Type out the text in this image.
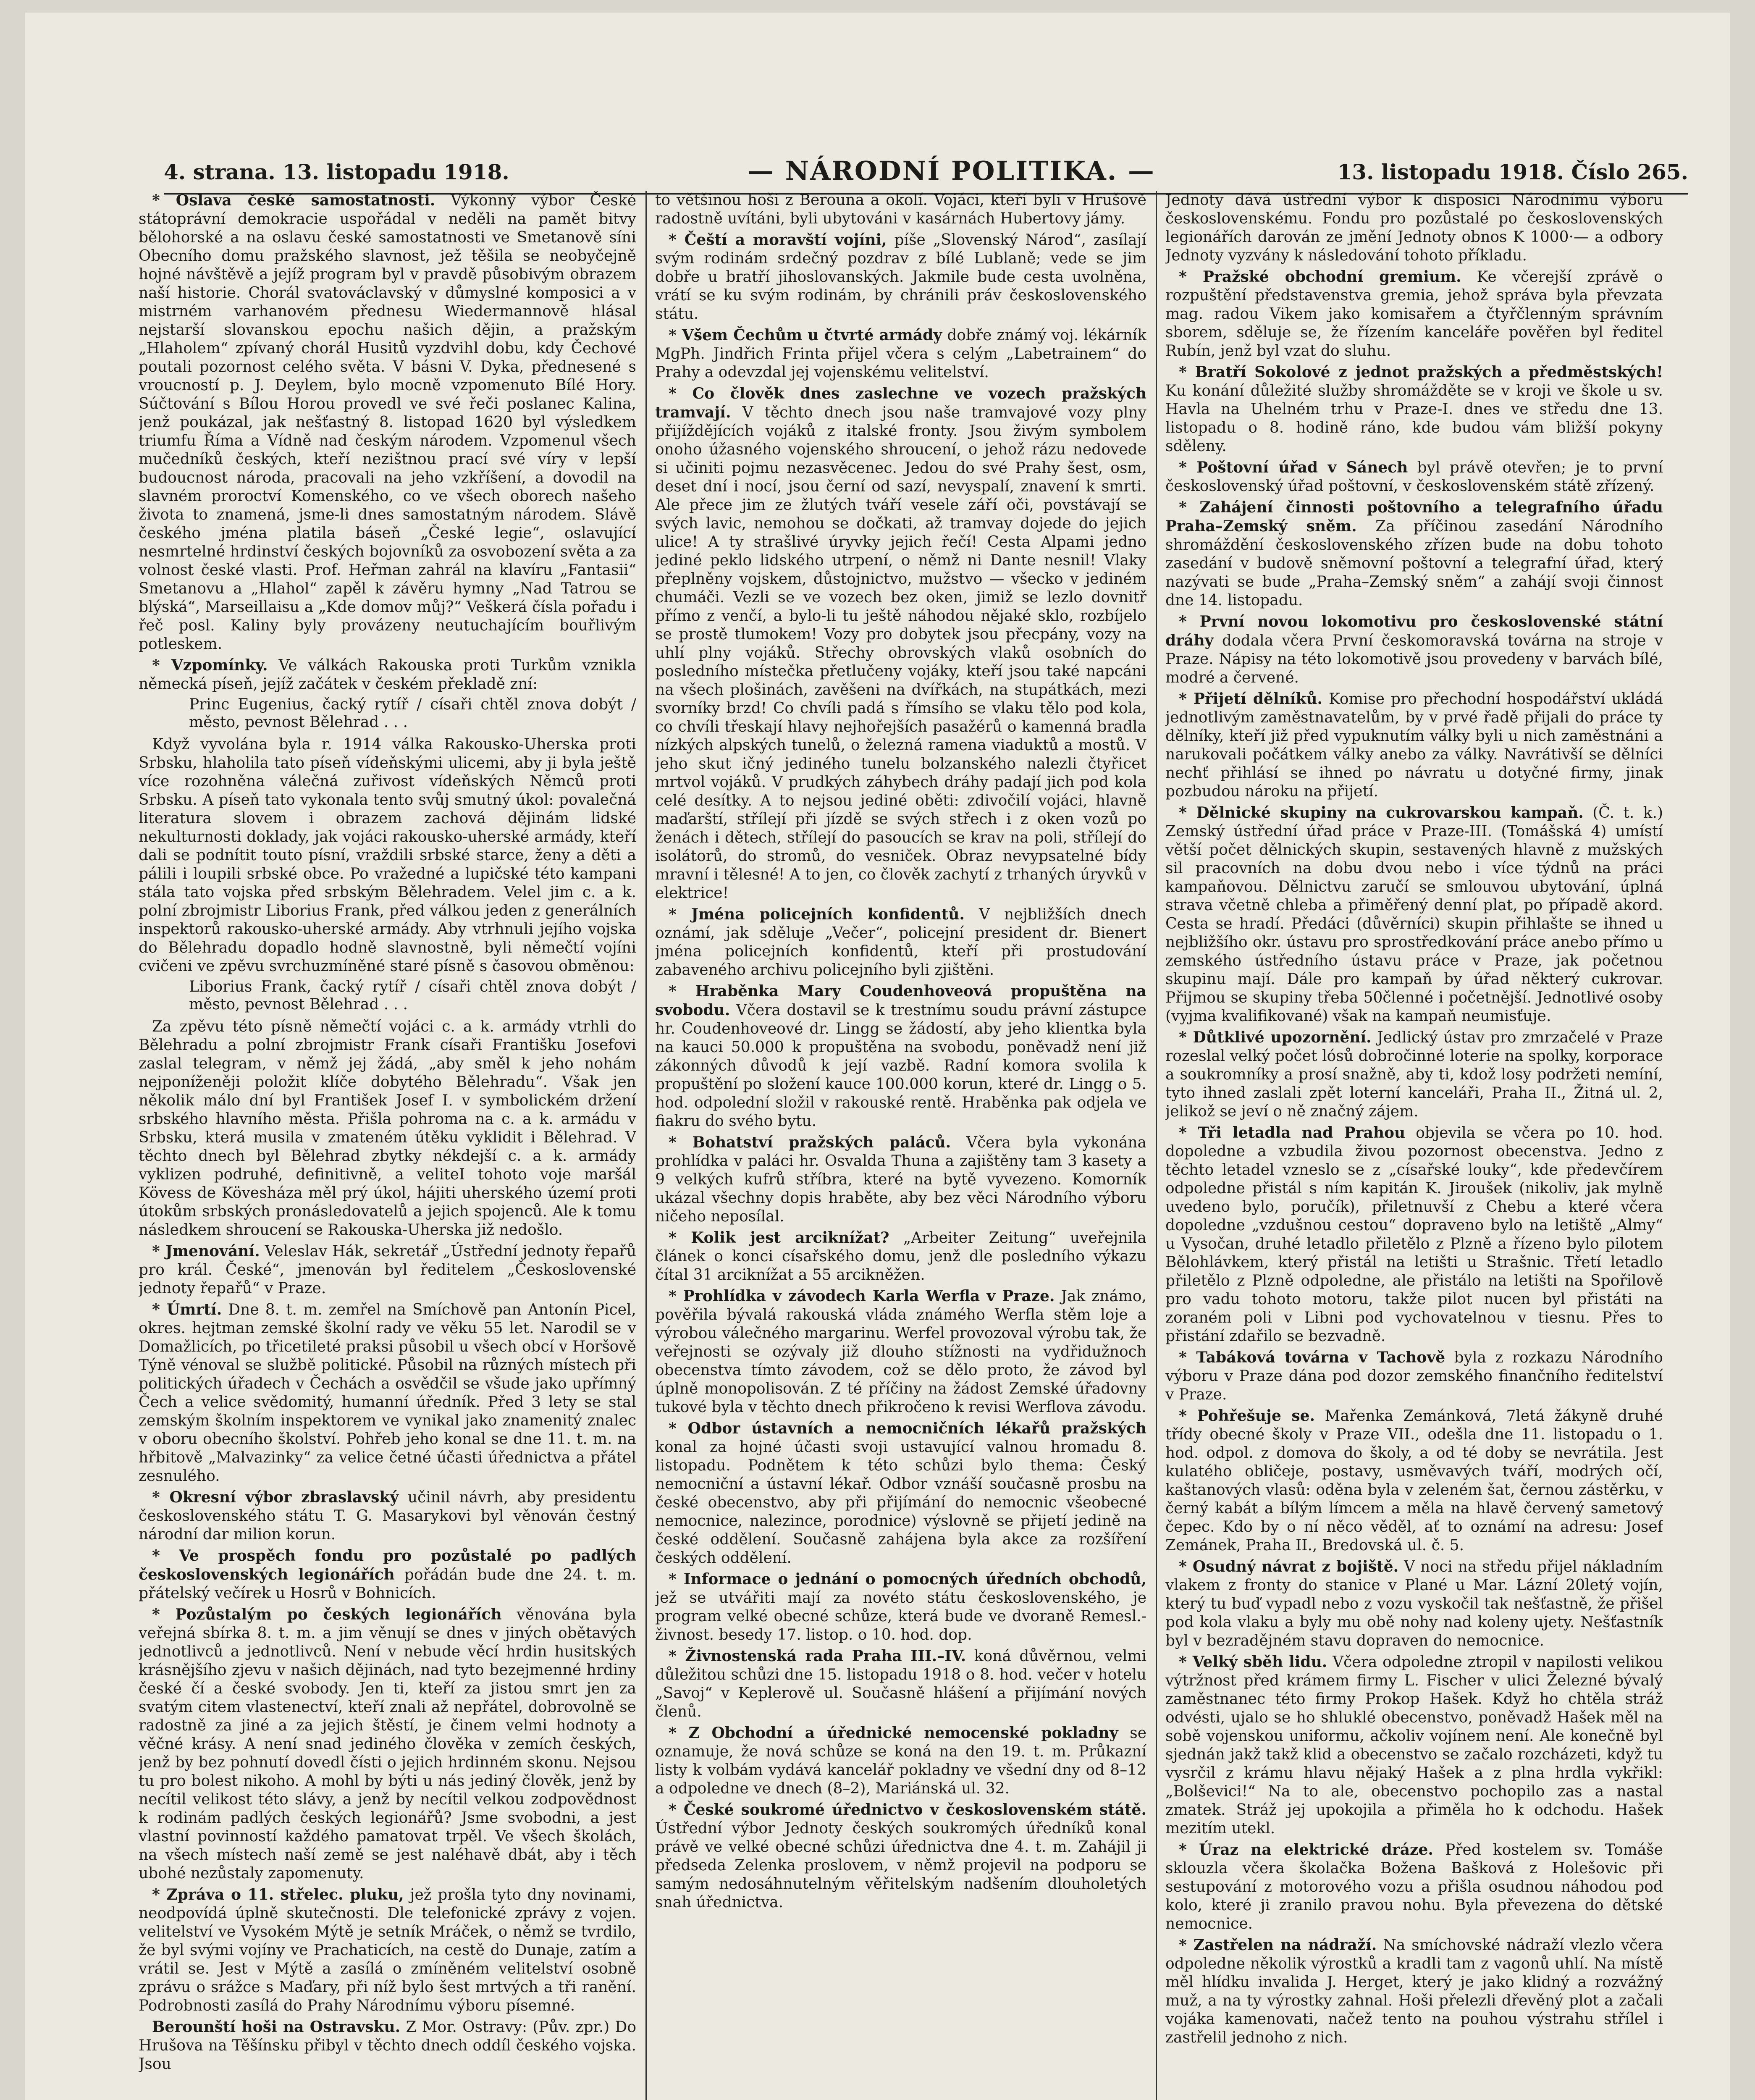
4. strana. 13. listopadu 1918.	— NÁRODNÍ POLITIKA. —	13. listopadu 1918. Číslo 265.

* Oslava české samostatnosti. Výkonný výbor České státoprávní demokracie uspořádal v neděli na pamět bitvy bělohorské a na oslavu české samostatnosti ve Smetanově síni Obecního domu pražského slavnost, jež těšila se neobyčejně hojné návštěvě a jejíž program byl v pravdě působivým obrazem naší historie. Chorál svatováclavský v důmyslné komposici a v mistrném varhanovém přednesu Wiedermannově hlásal nejstarší slovanskou epochu našich dějin, a pražským „Hlaholem“ zpívaný chorál Husitů vyzdvihl dobu, kdy Čechové poutali pozornost celého světa. V básni V. Dyka, přednesené s vroucností p. J. Deylem, bylo mocně vzpomenuto Bílé Hory. Súčtování s Bílou Horou provedl ve své řeči poslanec Kalina, jenž poukázal, jak nešťastný 8. listopad 1620 byl výsledkem triumfu Říma a Vídně nad českým národem. Vzpomenul všech mučedníků českých, kteří nezištnou prací své víry v lepší budoucnost národa, pracovali na jeho vzkříšení, a dovodil na slavném proroctví Komenského, co ve všech oborech našeho života to znamená, jsme-li dnes samostatným národem. Slávě českého jména platila báseň „České legie“, oslavující nesmrtelné hrdinství českých bojovníků za osvobození světa a za volnost české vlasti. Prof. Heřman zahrál na klavíru „Fantasii“ Smetanovu a „Hlahol“ zapěl k závěru hymny „Nad Tatrou se blýská“, Marseillaisu a „Kde domov můj?“ Veškerá čísla pořadu i řeč posl. Kaliny byly provázeny neutuchajícím bouřlivým potleskem.

* Vzpomínky. Ve válkách Rakouska proti Turkům vznikla německá píseň, jejíž začátek v českém překladě zní:

Princ Eugenius, čacký rytíř / císaři chtěl znova dobýt / město, pevnost Bělehrad . . .

Když vyvolána byla r. 1914 válka Rakousko-Uherska proti Srbsku, hlaholila tato píseň vídeňskými ulicemi, aby ji byla ještě více rozohněna válečná zuřivost vídeňských Němců proti Srbsku. A píseň tato vykonala tento svůj smutný úkol: povalečná literatura slovem i obrazem zachová dějinám lidské nekulturnosti doklady, jak vojáci rakousko-uherské armády, kteří dali se podnítit touto písní, vraždili srbské starce, ženy a děti a pálili i loupili srbské obce. Po vražedné a lupičské této kampani stála tato vojska před srbským Bělehradem. Velel jim c. a k. polní zbrojmistr Liborius Frank, před válkou jeden z generálních inspektorů rakousko-uherské armády. Aby vtrhnuli jejího vojska do Bělehradu dopadlo hodně slavnostně, byli němečtí vojíni cvičeni ve zpěvu svrchuzmíněné staré písně s časovou obměnou:

Liborius Frank, čacký rytíř / císaři chtěl znova dobýt / město, pevnost Bělehrad . . .

Za zpěvu této písně němečtí vojáci c. a k. armády vtrhli do Bělehradu a polní zbrojmistr Frank císaři Františku Josefovi zaslal telegram, v němž jej žádá, „aby směl k jeho nohám nejponíženěji položit klíče dobytého Bělehradu“. Však jen několik málo dní byl František Josef I. v symbolickém držení srbského hlavního města. Přišla pohroma na c. a k. armádu v Srbsku, která musila v zmateném útěku vyklidit i Bělehrad. V těchto dnech byl Bělehrad zbytky nékdejší c. a k. armády vyklizen podruhé, definitivně, a veliteI tohoto voje maršál Kövess de Kövesháza měl prý úkol, hájiti uherského území proti útokům srbských pronásledovatelů a jejich spojenců. Ale k tomu následkem shroucení se Rakouska-Uherska již nedošlo.

* Jmenování. Veleslav Hák, sekretář „Ústřední jednoty řepařů pro král. České“, jmenován byl ředitelem „Československé jednoty řepařů“ v Praze.

* Úmrtí. Dne 8. t. m. zemřel na Smíchově pan Antonín Picel, okres. hejtman zemské školní rady ve věku 55 let. Narodil se v Domažlicích, po třicetileté praksi působil u všech obcí v Horšově Týně vénoval se službě politické. Působil na různých místech při politických úřadech v Čechách a osvědčil se všude jako upřímný Čech a velice svědomitý, humanní úředník. Před 3 lety se stal zemským školním inspektorem ve vynikal jako znamenitý znalec v oboru obecního školství. Pohřeb jeho konal se dne 11. t. m. na hřbitově „Malvazinky“ za velice četné účasti úřednictva a přátel zesnulého.

* Okresní výbor zbraslavský učinil návrh, aby presidentu československého státu T. G. Masarykovi byl věnován čestný národní dar milion korun.

* Ve prospěch fondu pro pozůstalé po padlých československých legionářích pořádán bude dne 24. t. m. přátelský večírek u Hosrů v Bohnicích.

* Pozůstalým po českých legionářích věnována byla veřejná sbírka 8. t. m. a jim věnují se dnes v jiných obětavých jednotlivců a jednotlivců. Není v nebude věcí hrdin husitských krásnějšího zjevu v našich dějinách, nad tyto bezejmenné hrdiny české čí a české svobody. Jen ti, kteří za jistou smrt jen za svatým citem vlastenectví, kteří znali až nepřátel, dobrovolně se radostně za jiné a za jejich štěstí, je činem velmi hodnoty a věčné krásy. A není snad jediného člověka v zemích českých, jenž by bez pohnutí dovedl čísti o jejich hrdinném skonu. Nejsou tu pro bolest nikoho. A mohl by býti u nás jediný člověk, jenž by necítil velikost této slávy, a jenž by necítil velkou zodpovědnost k rodinám padlých českých legionářů? Jsme svobodni, a jest vlastní povinností každého pamatovat trpěl. Ve všech školách, na všech místech naší země se jest naléhavě dbát, aby i těch ubohé nezůstaly zapomenuty.

* Zpráva o 11. střelec. pluku, jež prošla tyto dny novinami, neodpovídá úplně skutečnosti. Dle telefonické zprávy z vojen. velitelství ve Vysokém Mýtě je setník Mráček, o němž se tvrdilo, že byl svými vojíny ve Prachaticích, na cestě do Dunaje, zatím a vrátil se. Jest v Mýtě a zasílá o zmíněném velitelství osobně zprávu o srážce s Maďary, při níž bylo šest mrtvých a tři ranění. Podrobnosti zasílá do Prahy Národnímu výboru písemné.

Berounští hoši na Ostravsku. Z Mor. Ostravy: (Pův. zpr.) Do Hrušova na Těšínsku přibyl v těchto dnech oddíl českého vojska. Jsou

to většinou hoši z Berouna a okolí. Vojáci, kteří byli v Hrušově radostně uvítáni, byli ubytováni v kasárnách Hubertovy jámy.

* Čeští a moravští vojíni, píše „Slovenský Národ“, zasílají svým rodinám srdečný pozdrav z bílé Lublaně; vede se jim dobře u bratří jihoslovanských. Jakmile bude cesta uvolněna, vrátí se ku svým rodinám, by chránili práv československého státu.

* Všem Čechům u čtvrté armády dobře známý voj. lékárník MgPh. Jindřich Frinta přijel včera s celým „Labetrainem“ do Prahy a odevzdal jej vojenskému velitelství.

* Co člověk dnes zaslechne ve vozech pražských tramvají. V těchto dnech jsou naše tramvajové vozy plny přijíždějících vojáků z italské fronty. Jsou živým symbolem onoho úžasného vojenského shroucení, o jehož rázu nedovede si učiniti pojmu nezasvěcenec. Jedou do své Prahy šest, osm, deset dní i nocí, jsou černí od sazí, nevyspalí, znavení k smrti. Ale přece jim ze žlutých tváří vesele září oči, povstávají se svých lavic, nemohou se dočkati, až tramvay dojede do jejich ulice! A ty strašlivé úryvky jejich řečí! Cesta Alpami jedno jediné peklo lidského utrpení, o němž ni Dante nesnil! Vlaky přeplněny vojskem, důstojnictvo, mužstvo — všecko v jediném chumáči. Vezli se ve vozech bez oken, jimiž se lezlo dovnitř přímo z venčí, a bylo-li tu ještě náhodou nějaké sklo, rozbíjelo se prostě tlumokem! Vozy pro dobytek jsou přecpány, vozy na uhlí plny vojáků. Střechy obrovských vlaků osobních do posledního místečka přetlučeny vojáky, kteří jsou také napcáni na všech plošinách, zavěšeni na dvířkách, na stupátkách, mezi svorníky brzd! Co chvíli padá s římsího se vlaku tělo pod kola, co chvíli třeskají hlavy nejhořejších pasažérů o kamenná bradla nízkých alpských tunelů, o železná ramena viaduktů a mostů. V jeho skut ičný jediného tunelu bolzanského nalezli čtyřicet mrtvol vojáků. V prudkých záhybech dráhy padají jich pod kola celé desítky. A to nejsou jediné oběti: zdivočilí vojáci, hlavně maďarští, střílejí při jízdě se svých střech i z oken vozů po ženách i dětech, střílejí do pasoucích se krav na poli, střílejí do isolátorů, do stromů, do vesniček. Obraz nevypsatelné bídy mravní i tělesné! A to jen, co člověk zachytí z trhaných úryvků v elektrice!

* Jména policejních konfidentů. V nejbližších dnech oznámí, jak sděluje „Večer“, policejní president dr. Bienert jména policejních konfidentů, kteří při prostudování zabaveného archivu policejního byli zjištěni.

* Hraběnka Mary Coudenhoveová propuštěna na svobodu. Včera dostavil se k trestnímu soudu právní zástupce hr. Coudenhoveové dr. Lingg se žádostí, aby jeho klientka byla na kauci 50.000 k propuštěna na svobodu, poněvadž není již zákonných důvodů k její vazbě. Radní komora svolila k propuštění po složení kauce 100.000 korun, které dr. Lingg o 5. hod. odpolední složil v rakouské rentě. Hraběnka pak odjela ve fiakru do svého bytu.

* Bohatství pražských paláců. Včera byla vykonána prohlídka v paláci hr. Osvalda Thuna a zajištěny tam 3 kasety a 9 velkých kufrů stříbra, které na bytě vyvezeno. Komorník ukázal všechny dopis hraběte, aby bez věci Národního výboru ničeho neposílal.

* Kolik jest arciknížat? „Arbeiter Zeitung“ uveřejnila článek o konci císařského domu, jenž dle posledního výkazu čítal 31 arciknížat a 55 arcikněžen.

* Prohlídka v závodech Karla Werfla v Praze. Jak známo, pověřila bývalá rakouská vláda známého Werfla stěm loje a výrobou válečného margarinu. Werfel provozoval výrobu tak, že veřejnosti se ozývaly již dlouho stížnosti na vydřidužnoch obecenstva tímto závodem, což se dělo proto, že závod byl úplně monopolisován. Z té příčiny na žádost Zemské úřadovny tukové byla v těchto dnech přikročeno k revisi Werflova závodu.

* Odbor ústavních a nemocničních lékařů pražských konal za hojné účasti svoji ustavující valnou hromadu 8. listopadu. Podnětem k této schůzi bylo thema: Český nemocniční a ústavní lékař. Odbor vznáší současně prosbu na české obecenstvo, aby při přijímání do nemocnic všeobecné nemocnice, nalezince, porodnice) výslovně se přijetí jedině na české oddělení. Současně zahájena byla akce za rozšíření českých oddělení.

* Informace o jednání o pomocných úředních obchodů, jež se utvářiti mají za novéto státu československého, je program velké obecné schůze, která bude ve dvoraně Remesl.-živnost. besedy 17. listop. o 10. hod. dop.

* Živnostenská rada Praha III.–IV. koná důvěrnou, velmi důležitou schůzi dne 15. listopadu 1918 o 8. hod. večer v hotelu „Savoj“ v Keplerově ul. Současně hlášení a přijímání nových členů.

* Z Obchodní a úřednické nemocenské pokladny se oznamuje, že nová schůze se koná na den 19. t. m. Průkazní listy k volbám vydává kancelář pokladny ve všední dny od 8–12 a odpoledne ve dnech (8–2), Mariánská ul. 32.

* České soukromé úřednictvo v československém státě. Ústřední výbor Jednoty českých soukromých úředníků konal právě ve velké obecné schůzi úřednictva dne 4. t. m. Zahájil ji předseda Zelenka proslovem, v němž projevil na podporu se samým nedosáhnutelným věřitelským nadšením dlouholetých snah úřednictva.

Jednoty dává ústřední výbor k disposici Národnímu výboru československému. Fondu pro pozůstalé po československých legionářích darován ze jmění Jednoty obnos K 1000·— a odbory Jednoty vyzvány k následování tohoto příkladu.

* Pražské obchodní gremium. Ke včerejší zprávě o rozpuštění představenstva gremia, jehož správa byla převzata mag. radou Vikem jako komisařem a čtyřčlenným správním sborem, sděluje se, že řízením kanceláře pověřen byl ředitel Rubín, jenž byl vzat do sluhu.

* Bratří Sokolové z jednot pražských a předměstských! Ku konání důležité služby shromážděte se v kroji ve škole u sv. Havla na Uhelném trhu v Praze-I. dnes ve středu dne 13. listopadu o 8. hodině ráno, kde budou vám bližší pokyny sděleny.

* Poštovní úřad v Sánech byl právě otevřen; je to první československý úřad poštovní, v československém státě zřízený.

* Zahájení činnosti poštovního a telegrafního úřadu Praha–Zemský sněm. Za příčinou zasedání Národního shromáždění československého zřízen bude na dobu tohoto zasedání v budově sněmovní poštovní a telegrafní úřad, který nazývati se bude „Praha–Zemský sněm“ a zahájí svoji činnost dne 14. listopadu.

* První novou lokomotivu pro československé státní dráhy dodala včera První českomoravská továrna na stroje v Praze. Nápisy na této lokomotivě jsou provedeny v barvách bílé, modré a červené.

* Přijetí dělníků. Komise pro přechodní hospodářství ukládá jednotlivým zaměstnavatelům, by v prvé řadě přijali do práce ty dělníky, kteří již před vypuknutím války byli u nich zaměstnáni a narukovali počátkem války anebo za války. Navrátivší se dělníci nechť přihlásí se ihned po návratu u dotyčné firmy, jinak pozbudou nároku na přijetí.

* Dělnické skupiny na cukrovarskou kampaň. (Č. t. k.) Zemský ústřední úřad práce v Praze-III. (Tomášská 4) umístí větší počet dělnických skupin, sestavených hlavně z mužských sil pracovních na dobu dvou nebo i více týdnů na práci kampaňovou. Dělnictvu zaručí se smlouvou ubytování, úplná strava včetně chleba a přiměřený denní plat, po případě akord. Cesta se hradí. Předáci (důvěrníci) skupin přihlašte se ihned u nejbližšího okr. ústavu pro sprostředkování práce anebo přímo u zemského ústředního ústavu práce v Praze, jak početnou skupinu mají. Dále pro kampaň by úřad některý cukrovar. Přijmou se skupiny třeba 50členné i početnější. Jednotlivé osoby (vyjma kvalifikované) však na kampaň neumisťuje.

* Důtklivé upozornění. Jedlický ústav pro zmrzačelé v Praze rozeslal velký počet lósů dobročinné loterie na spolky, korporace a soukromníky a prosí snažně, aby ti, kdož losy podržeti nemíní, tyto ihned zaslali zpět loterní kanceláři, Praha II., Žitná ul. 2, jelikož se jeví o ně značný zájem.

* Tři letadla nad Prahou objevila se včera po 10. hod. dopoledne a vzbudila živou pozornost obecenstva. Jedno z těchto letadel vzneslo se z „císařské louky“, kde předevčírem odpoledne přistál s ním kapitán K. Jiroušek (nikoliv, jak mylně uvedeno bylo, poručík), přiletnuvší z Chebu a které včera dopoledne „vzdušnou cestou“ dopraveno bylo na letiště „Almy“ u Vysočan, druhé letadlo přiletělo z Plzně a řízeno bylo pilotem Bělohlávkem, který přistál na letišti u Strašnic. Třetí letadlo přiletělo z Plzně odpoledne, ale přistálo na letišti na Spořilově pro vadu tohoto motoru, takže pilot nucen byl přistáti na zoraném poli v Libni pod vychovatelnou v tiesnu. Přes to přistání zdařilo se bezvadně.

* Tabáková továrna v Tachově byla z rozkazu Národního výboru v Praze dána pod dozor zemského finančního ředitelství v Praze.

* Pohřešuje se. Mařenka Zemánková, 7letá žákyně druhé třídy obecné školy v Praze VII., odešla dne 11. listopadu o 1. hod. odpol. z domova do školy, a od té doby se nevrátila. Jest kulatého obličeje, postavy, usměvavých tváří, modrých očí, kaštanových vlasů: oděna byla v zeleném šat, černou zástěrku, v černý kabát a bílým límcem a měla na hlavě červený sametový čepec. Kdo by o ní něco věděl, ať to oznámí na adresu: Josef Zemánek, Praha II., Bredovská ul. č. 5.

* Osudný návrat z bojiště. V noci na středu přijel nákladním vlakem z fronty do stanice v Plané u Mar. Lázní 20letý vojín, který tu buď vypadl nebo z vozu vyskočil tak nešťastně, že přišel pod kola vlaku a byly mu obě nohy nad koleny ujety. Nešťastník byl v bezradějném stavu dopraven do nemocnice.

* Velký sběh lidu. Včera odpoledne ztropil v napilosti velikou výtržnost před krámem firmy L. Fischer v ulici Železné bývalý zaměstnanec této firmy Prokop Hašek. Když ho chtěla stráž odvésti, ujalo se ho shluklé obecenstvo, poněvadž Hašek měl na sobě vojenskou uniformu, ačkoliv vojínem není. Ale konečně byl sjednán jakž takž klid a obecenstvo se začalo rozcházeti, když tu vysrčil z krámu hlavu nějaký Hašek a z plna hrdla vykřikl: „Bolševici!“ Na to ale, obecenstvo pochopilo zas a nastal zmatek. Stráž jej upokojila a přiměla ho k odchodu. Hašek mezitím utekl.

* Úraz na elektrické dráze. Před kostelem sv. Tomáše sklouzla včera školačka Božena Bašková z Holešovic při sestupování z motorového vozu a přišla osudnou náhodou pod kolo, které ji zranilo pravou nohu. Byla převezena do dětské nemocnice.

* Zastřelen na nádraží. Na smíchovské nádraží vlezlo včera odpoledne několik výrostků a kradli tam z vagonů uhlí. Na místě měl hlídku invalida J. Herget, který je jako klidný a rozvážný muž, a na ty výrostky zahnal. Hoši přelezli dřevěný plot a začali vojáka kamenovati, načež tento na pouhou výstrahu střílel i zastřelil jednoho z nich.
